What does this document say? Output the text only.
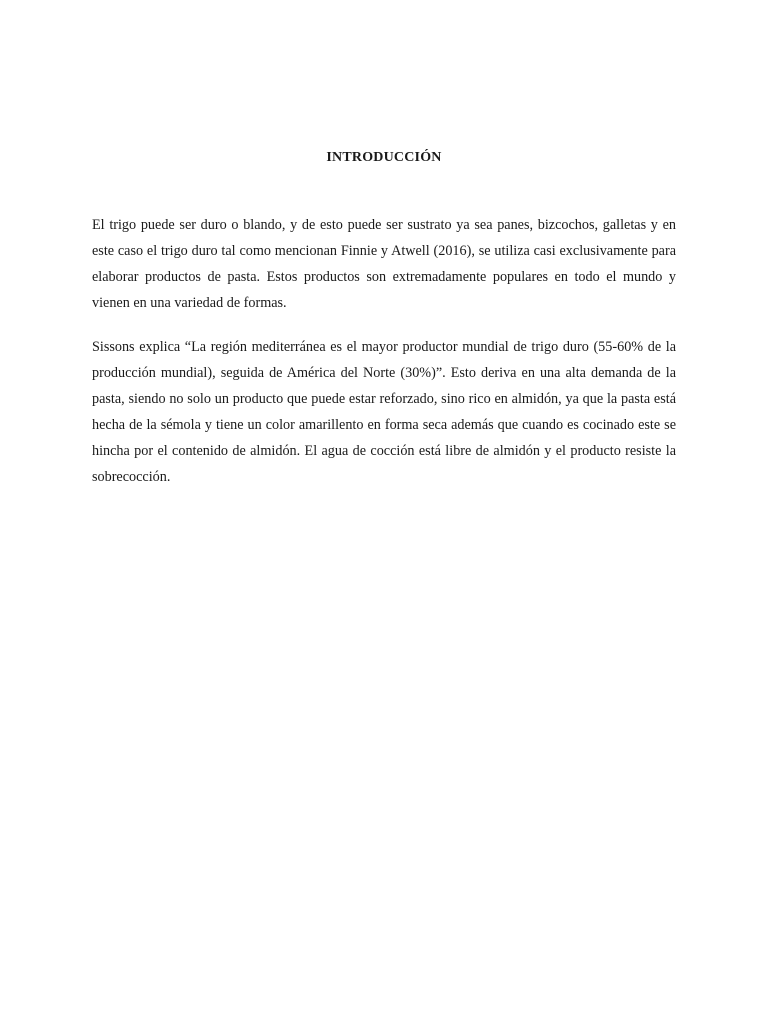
INTRODUCCIÓN

El trigo puede ser duro o blando, y de esto puede ser sustrato ya sea panes, bizcochos, galletas y en este caso el trigo duro tal como mencionan Finnie y Atwell (2016), se utiliza casi exclusivamente para elaborar productos de pasta. Estos productos son extremadamente populares en todo el mundo y vienen en una variedad de formas.

Sissons explica “La región mediterránea es el mayor productor mundial de trigo duro (55-60% de la producción mundial), seguida de América del Norte (30%)”. Esto deriva en una alta demanda de la pasta, siendo no solo un producto que puede estar reforzado, sino rico en almidón, ya que la pasta está hecha de la sémola y tiene un color amarillento en forma seca además que cuando es cocinado este se hincha por el contenido de almidón. El agua de cocción está libre de almidón y el producto resiste la sobrecocción.
